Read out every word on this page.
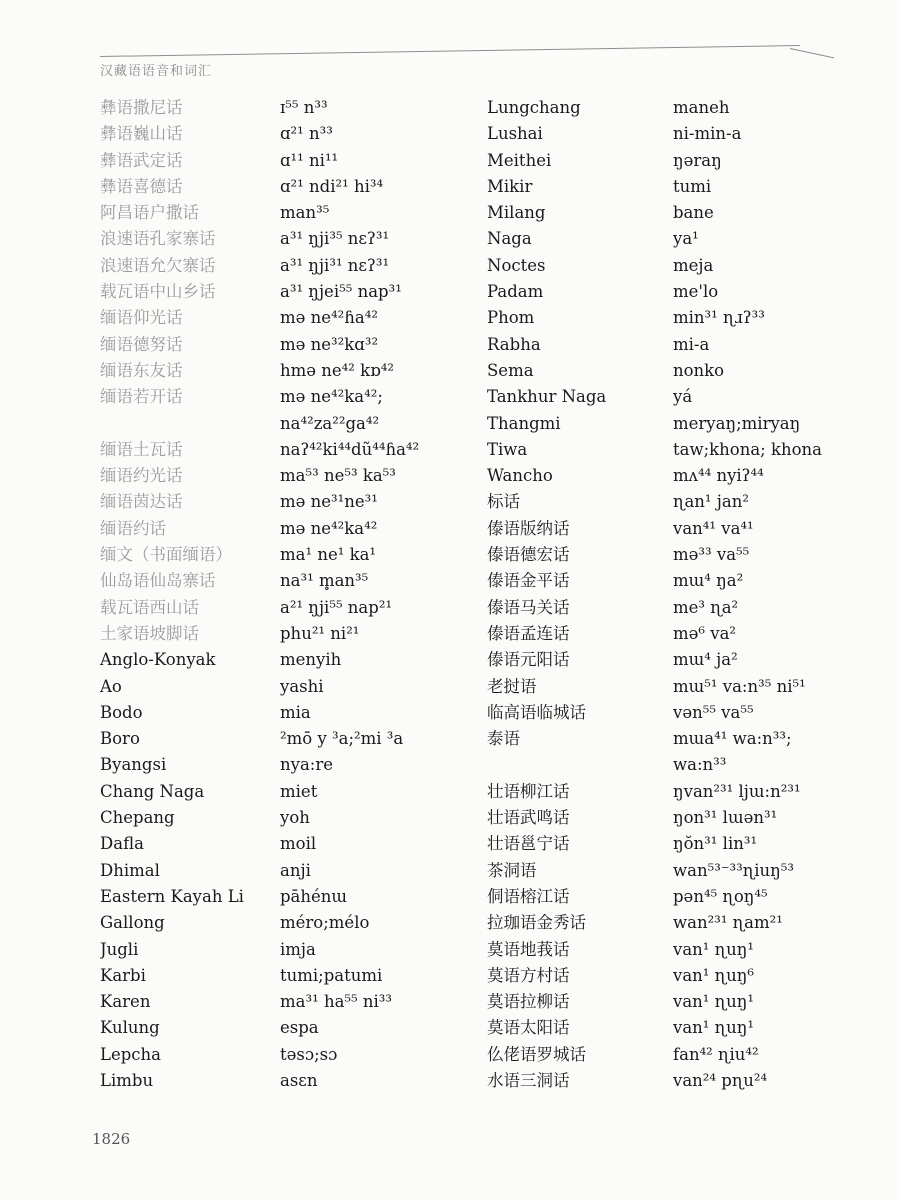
汉藏语语音和词汇
彝语撒尼话
彝语巍山话
彝语武定话
彝语喜德话
阿昌语户撒话
浪速语孔家寨话
浪速语允欠寨话
载瓦语中山乡话
缅语仰光话
缅语德努话
缅语东友话
缅语若开话
缅语土瓦话
缅语约光话
缅语茵达话
缅语约话
缅文（书面缅语）
仙岛语仙岛寨话
载瓦语西山话
土家语坡脚话
Anglo-Konyak
Ao
Bodo
Boro
Byangsi
Chang Naga
Chepang
Dafla
Dhimal
Eastern Kayah Li
Gallong
Jugli
Karbi
Karen
Kulung
Lepcha
Limbu
ɪ⁵⁵ n³³
ɑ²¹ n³³
ɑ¹¹ ni¹¹
ɑ²¹ ndi²¹ hi³⁴
man³⁵
a³¹ ŋji³⁵ nɛʔ³¹
a³¹ ŋji³¹ nɛʔ³¹
a³¹ ŋjei⁵⁵ nap³¹
mə ne⁴²ɦa⁴²
mə ne³²kɑ³²
hmə ne⁴² kɒ⁴²
mə ne⁴²ka⁴²;
na⁴²za²²ga⁴²
naʔ⁴²ki⁴⁴dũ⁴⁴ɦa⁴²
ma⁵³ ne⁵³ ka⁵³
mə ne³¹ne³¹
mə ne⁴²ka⁴²
ma¹ ne¹ ka¹
na³¹ m̥an³⁵
a²¹ ŋji⁵⁵ nap²¹
phu²¹ ni²¹
menyih
yashi
mia
²mō y ³a;²mi ³a
nya:re
miet
yoh
moil
anji
pāhénɯ
méro;mélo
imja
tumi;patumi
ma³¹ ha⁵⁵ ni³³
espa
təsɔ;sɔ
asɛn
Lungchang
Lushai
Meithei
Mikir
Milang
Naga
Noctes
Padam
Phom
Rabha
Sema
Tankhur Naga
Thangmi
Tiwa
Wancho
标话
傣语版纳话
傣语德宏话
傣语金平话
傣语马关话
傣语孟连话
傣语元阳话
老挝语
临高语临城话
泰语
壮语柳江话
壮语武鸣话
壮语邕宁话
茶洞语
侗语榕江话
拉珈语金秀话
莫语地莪话
莫语方村话
莫语拉柳话
莫语太阳话
仫佬语罗城话
水语三洞话
maneh
ni-min-a
ŋəraŋ
tumi
bane
ya¹
meja
me'lo
min³¹ ɳɹʔ³³
mi-a
nonko
yá
meryaŋ;miryaŋ
taw;khona; khona
mʌ⁴⁴ nyiʔ⁴⁴
ɳan¹ jan²
van⁴¹ va⁴¹
mə³³ va⁵⁵
mɯ⁴ ŋa²
me³ ɳa²
mə⁶ va²
mɯ⁴ ja²
mɯ⁵¹ va:n³⁵ ni⁵¹
vən⁵⁵ va⁵⁵
mɯa⁴¹ wa:n³³;
wa:n³³
ŋvan²³¹ ljɯ:n²³¹
ŋon³¹ lɯən³¹
ŋŏn³¹ lin³¹
wan⁵³⁻³³ɳiuŋ⁵³
pən⁴⁵ ɳoŋ⁴⁵
wan²³¹ ɳam²¹
van¹ ɳuŋ¹
van¹ ɳuŋ⁶
van¹ ɳuŋ¹
van¹ ɳuŋ¹
fan⁴² ɳiu⁴²
van²⁴ pɳu²⁴
1826
